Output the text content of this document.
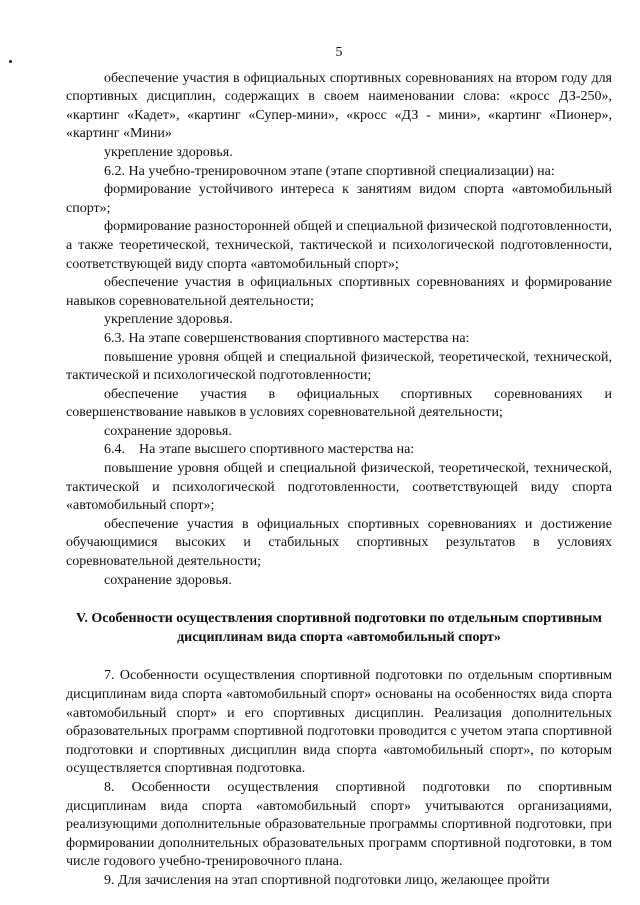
5

обеспечение участия в официальных спортивных соревнованиях на втором году для спортивных дисциплин, содержащих в своем наименовании слова: «кросс ДЗ-250», «картинг «Кадет», «картинг «Супер-мини», «кросс «ДЗ - мини», «картинг «Пионер», «картинг «Мини»

укрепление здоровья.

6.2. На учебно-тренировочном этапе (этапе спортивной специализации) на:

формирование устойчивого интереса к занятиям видом спорта «автомобильный спорт»;

формирование разносторонней общей и специальной физической подготовленности, а также теоретической, технической, тактической и психологической подготовленности, соответствующей виду спорта «автомобильный спорт»;

обеспечение участия в официальных спортивных соревнованиях и формирование навыков соревновательной деятельности;

укрепление здоровья.

6.3. На этапе совершенствования спортивного мастерства на:

повышение уровня общей и специальной физической, теоретической, технической, тактической и психологической подготовленности;

обеспечение участия в официальных спортивных соревнованиях и совершенствование навыков в условиях соревновательной деятельности;

сохранение здоровья.

6.4.    На этапе высшего спортивного мастерства на:

повышение уровня общей и специальной физической, теоретической, технической, тактической и психологической подготовленности, соответствующей виду спорта «автомобильный спорт»;

обеспечение участия в официальных спортивных соревнованиях и достижение обучающимися высоких и стабильных спортивных результатов в условиях соревновательной деятельности;

сохранение здоровья.

V. Особенности осуществления спортивной подготовки по отдельным спортивным дисциплинам вида спорта «автомобильный спорт»

7. Особенности осуществления спортивной подготовки по отдельным спортивным дисциплинам вида спорта «автомобильный спорт» основаны на особенностях вида спорта «автомобильный спорт» и его спортивных дисциплин. Реализация дополнительных образовательных программ спортивной подготовки проводится с учетом этапа спортивной подготовки и спортивных дисциплин вида спорта «автомобильный спорт», по которым осуществляется спортивная подготовка.

8. Особенности осуществления спортивной подготовки по спортивным дисциплинам вида спорта «автомобильный спорт» учитываются организациями, реализующими дополнительные образовательные программы спортивной подготовки, при формировании дополнительных образовательных программ спортивной подготовки, в том числе годового учебно-тренировочного плана.

9. Для зачисления на этап спортивной подготовки лицо, желающее пройти
